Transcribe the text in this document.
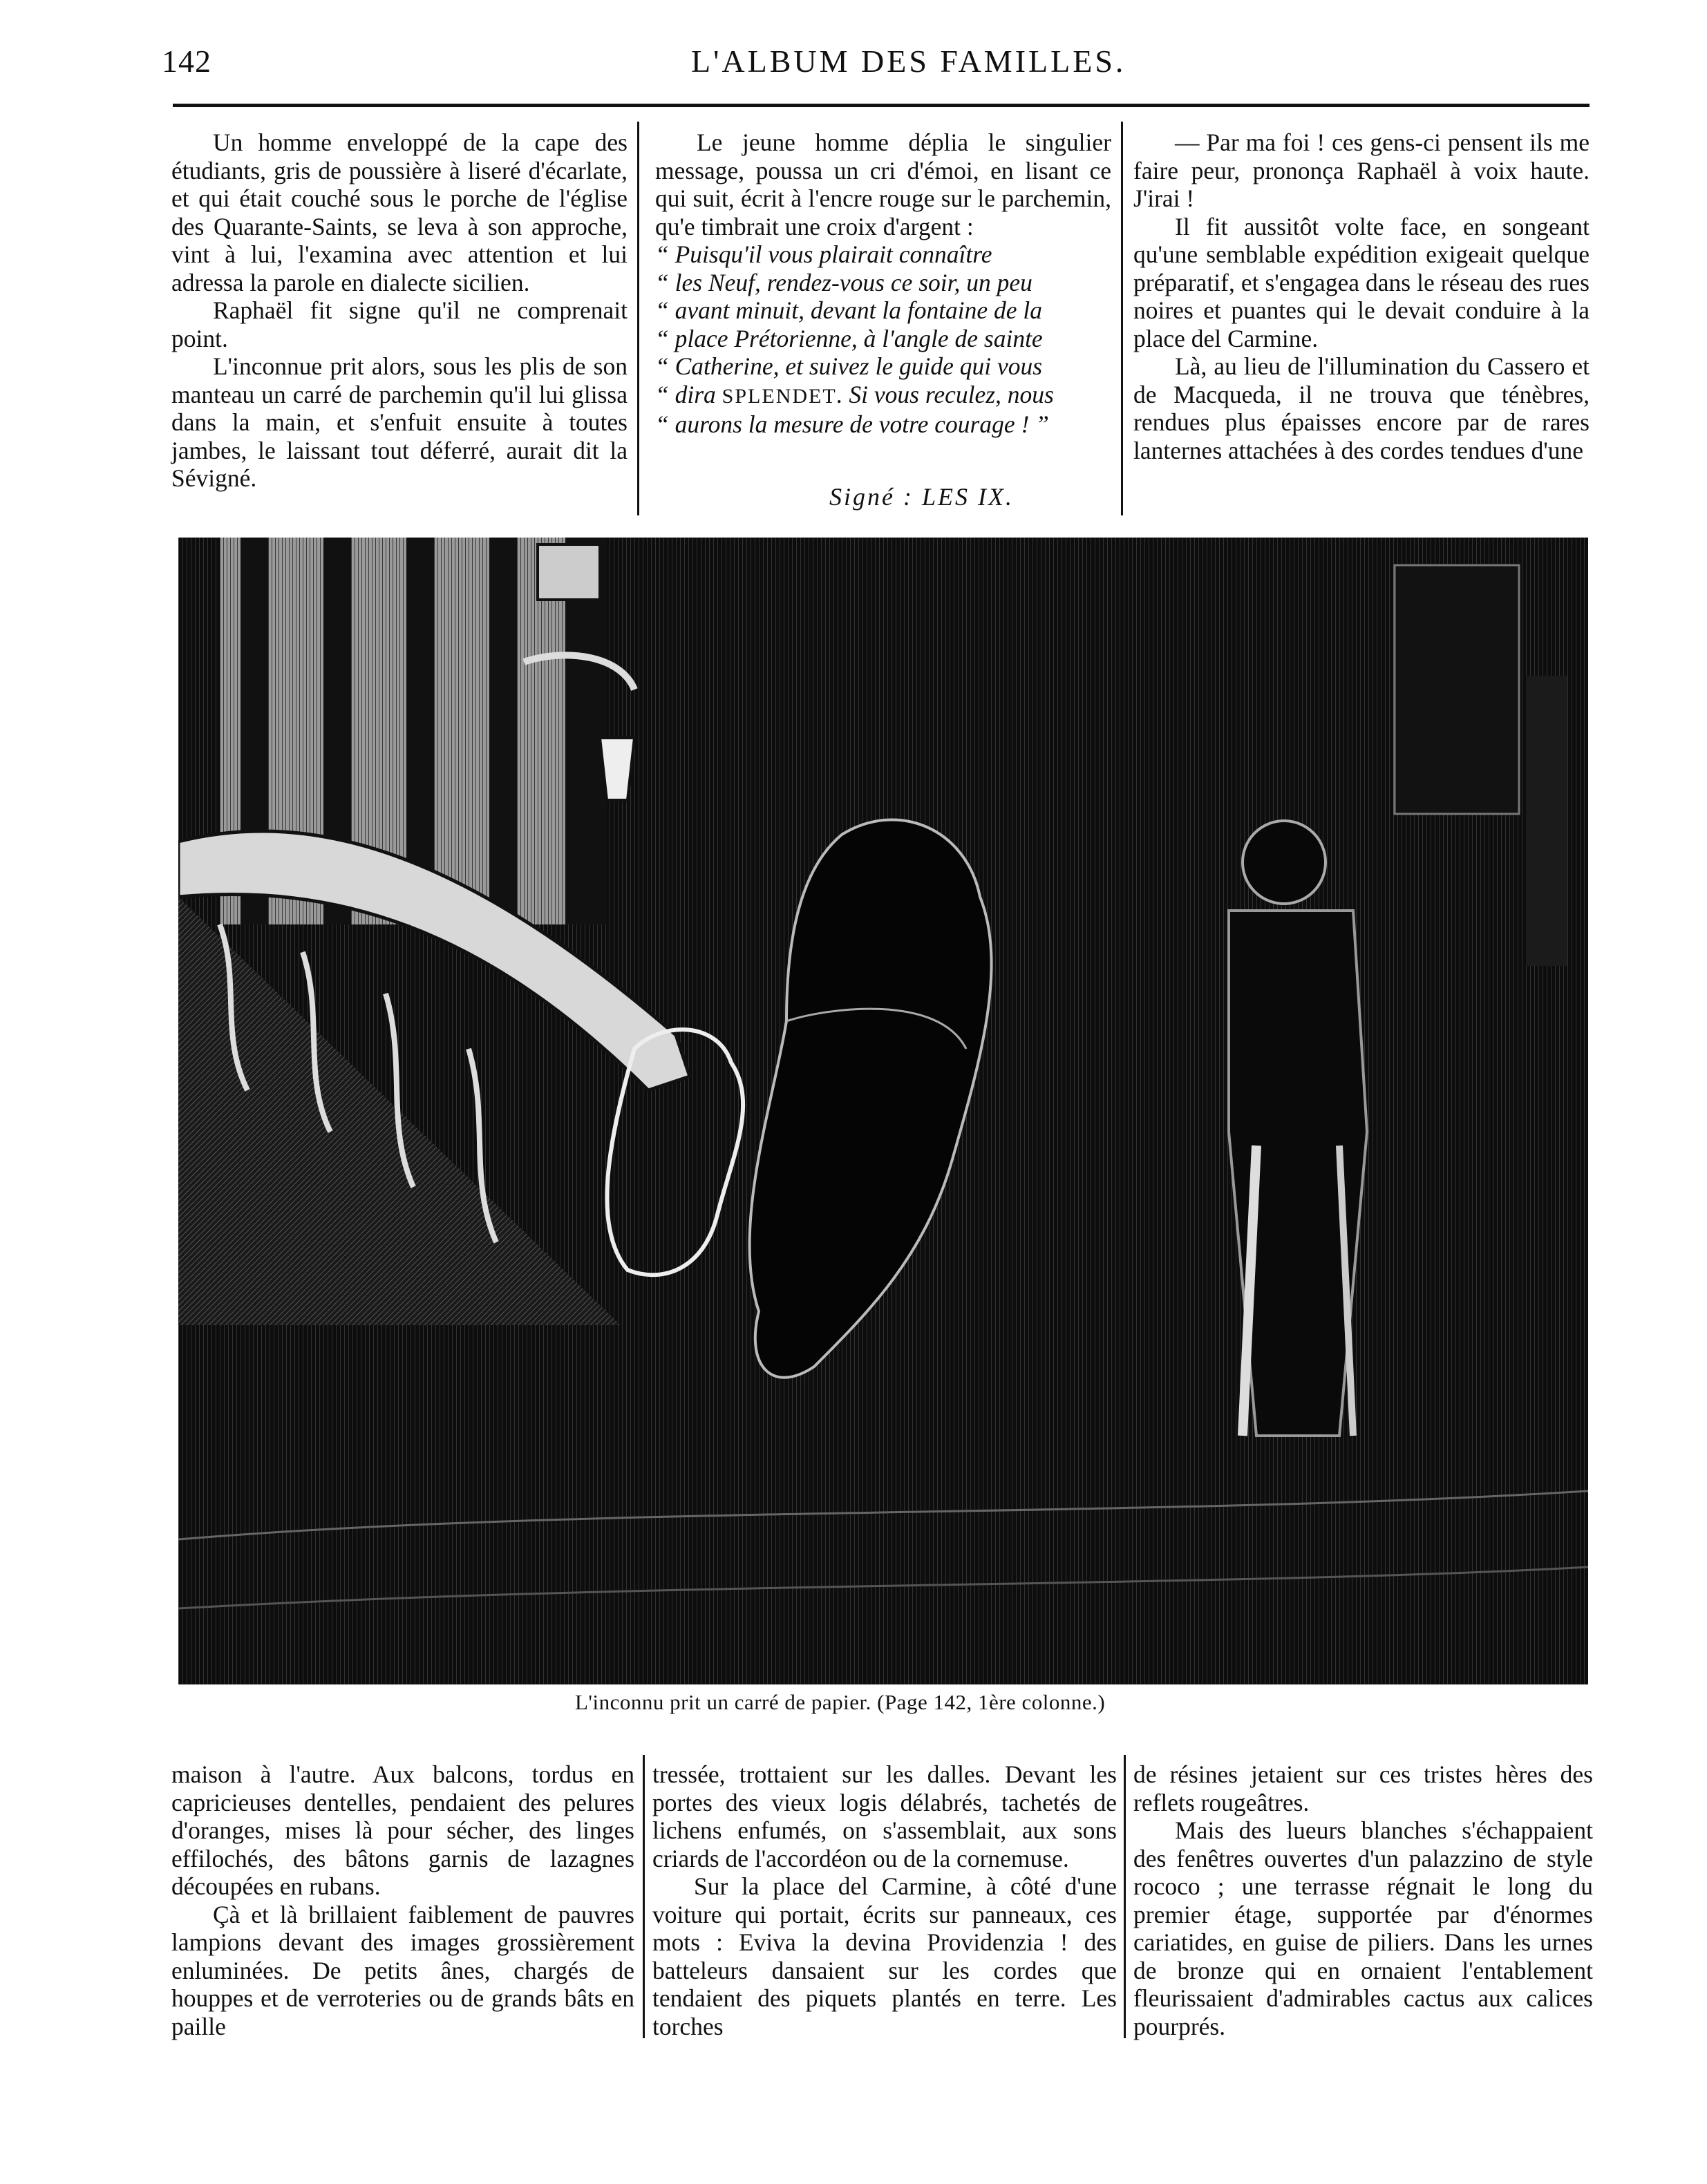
142	L'ALBUM DES FAMILLES.

Un homme enveloppé de la cape des étudiants, gris de poussière à liseré d'écarlate, et qui était couché sous le porche de l'église des Quarante-Saints, se leva à son approche, vint à lui, l'examina avec attention et lui adressa la parole en dialecte sicilien.

Raphaël fit signe qu'il ne comprenait point.

L'inconnue prit alors, sous les plis de son manteau un carré de parchemin qu'il lui glissa dans la main, et s'enfuit ensuite à toutes jambes, le laissant tout déferré, aurait dit la Sévigné.

Le jeune homme déplia le singulier message, poussa un cri d'émoi, en lisant ce qui suit, écrit à l'encre rouge sur le parchemin, qu'e timbrait une croix d'argent :

“ Puisqu'il vous plairait connaître

“ les Neuf, rendez-vous ce soir, un peu

“ avant minuit, devant la fontaine de la

“ place Prétorienne, à l'angle de sainte

“ Catherine, et suivez le guide qui vous

“ dira SPLENDET. Si vous reculez, nous

“ aurons la mesure de votre courage ! ”

Signé : LES IX.

— Par ma foi ! ces gens-ci pensent ils me faire peur, prononça Raphaël à voix haute. J'irai !

Il fit aussitôt volte face, en songeant qu'une semblable expédition exigeait quelque préparatif, et s'engagea dans le réseau des rues noires et puantes qui le devait conduire à la place del Carmine.

Là, au lieu de l'illumination du Cassero et de Macqueda, il ne trouva que ténèbres, rendues plus épaisses encore par de rares lanternes attachées à des cordes tendues d'une

L'inconnu prit un carré de papier. (Page 142, 1ère colonne.)

maison à l'autre. Aux balcons, tordus en capricieuses dentelles, pendaient des pelures d'oranges, mises là pour sécher, des linges effilochés, des bâtons garnis de lazagnes découpées en rubans.

Çà et là brillaient faiblement de pauvres lampions devant des images grossièrement enluminées. De petits ânes, chargés de houppes et de verroteries ou de grands bâts en paille

tressée, trottaient sur les dalles. Devant les portes des vieux logis délabrés, tachetés de lichens enfumés, on s'assemblait, aux sons criards de l'accordéon ou de la cornemuse.

Sur la place del Carmine, à côté d'une voiture qui portait, écrits sur panneaux, ces mots : Eviva la devina Providenzia ! des batteleurs dansaient sur les cordes que tendaient des piquets plantés en terre. Les torches

de résines jetaient sur ces tristes hères des reflets rougeâtres.

Mais des lueurs blanches s'échappaient des fenêtres ouvertes d'un palazzino de style rococo ; une terrasse régnait le long du premier étage, supportée par d'énormes cariatides, en guise de piliers. Dans les urnes de bronze qui en ornaient l'entablement fleurissaient d'admirables cactus aux calices pourprés.
